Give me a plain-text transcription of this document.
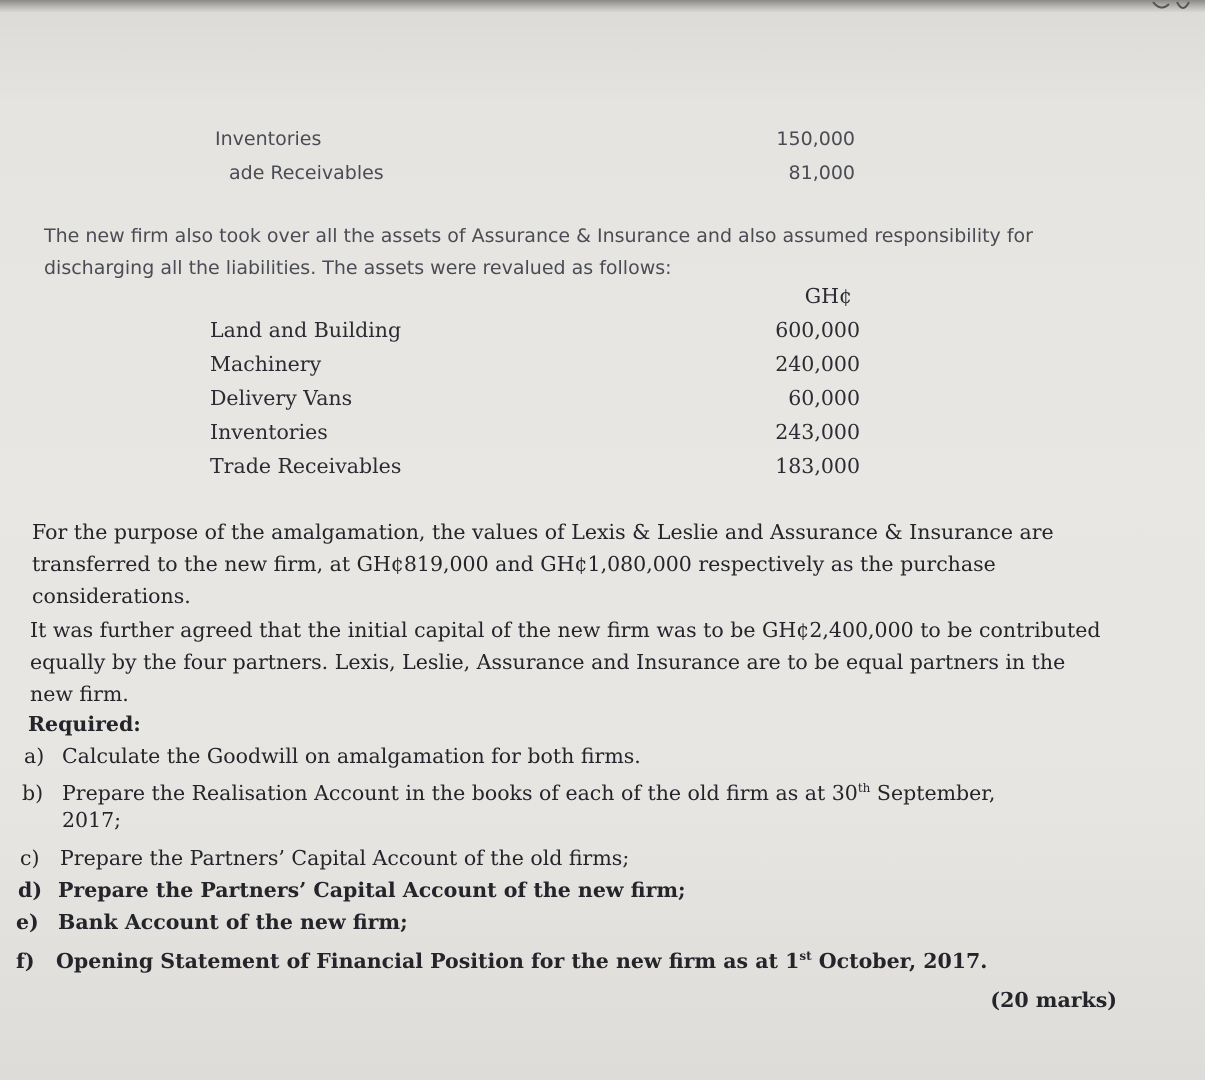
Inventories	150,000
ade Receivables	81,000
The new firm also took over all the assets of Assurance & Insurance and also assumed responsibility for discharging all the liabilities. The assets were revalued as follows:
GH¢
Land and Building	600,000
Machinery	240,000
Delivery Vans	60,000
Inventories	243,000
Trade Receivables	183,000

For the purpose of the amalgamation, the values of Lexis & Leslie and Assurance & Insurance are transferred to the new firm, at GH¢819,000 and GH¢1,080,000 respectively as the purchase considerations.

It was further agreed that the initial capital of the new firm was to be GH¢2,400,000 to be contributed equally by the four partners. Lexis, Leslie, Assurance and Insurance are to be equal partners in the new firm.

Required:
a) Calculate the Goodwill on amalgamation for both firms.
b) Prepare the Realisation Account in the books of each of the old firm as at 30th September,
2017;
c) Prepare the Partners’ Capital Account of the old firms;
d) Prepare the Partners’ Capital Account of the new firm;
e) Bank Account of the new firm;
f) Opening Statement of Financial Position for the new firm as at 1st October, 2017.
(20 marks)
